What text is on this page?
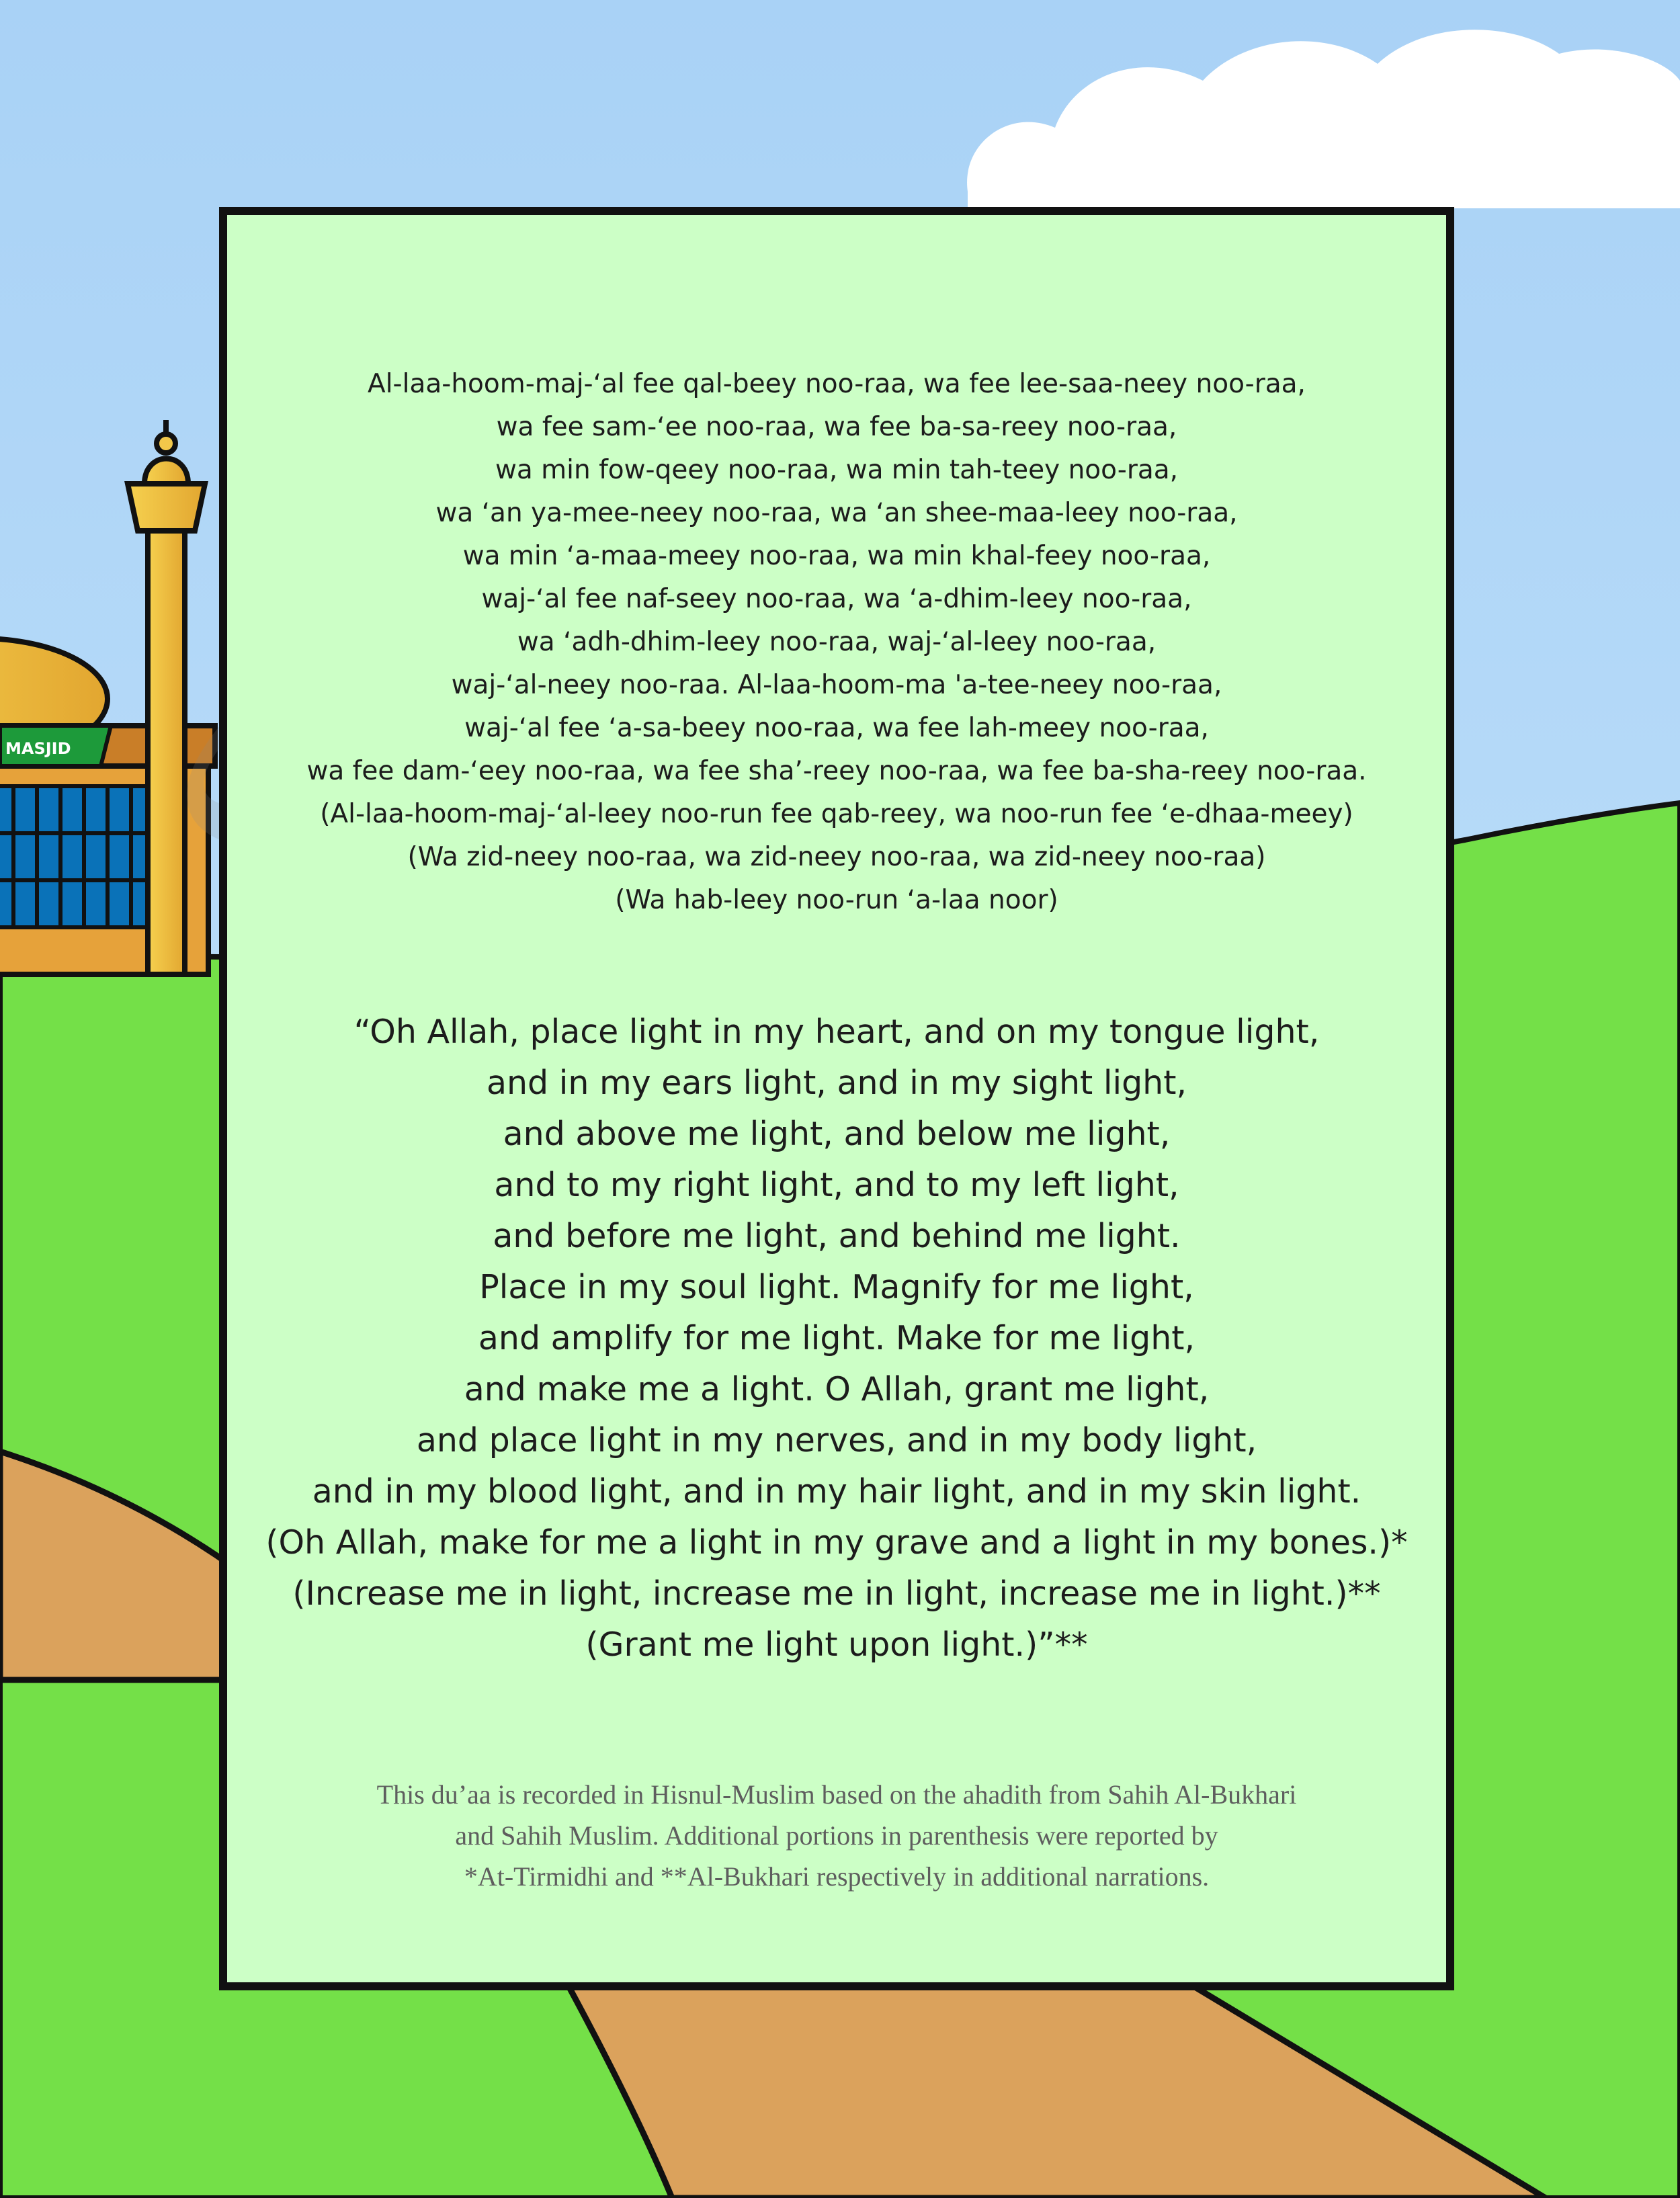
MASJID
Al-laa-hoom-maj-‘al fee qal-beey noo-raa, wa fee lee-saa-neey noo-raa,
wa fee sam-‘ee noo-raa, wa fee ba-sa-reey noo-raa,
wa min fow-qeey noo-raa, wa min tah-teey noo-raa,
wa ‘an ya-mee-neey noo-raa, wa ‘an shee-maa-leey noo-raa,
wa min ‘a-maa-meey noo-raa, wa min khal-feey noo-raa,
waj-‘al fee naf-seey noo-raa, wa ‘a-dhim-leey noo-raa,
wa ‘adh-dhim-leey noo-raa, waj-‘al-leey noo-raa,
waj-‘al-neey noo-raa. Al-laa-hoom-ma 'a-tee-neey noo-raa,
waj-‘al fee ‘a-sa-beey noo-raa, wa fee lah-meey noo-raa,
wa fee dam-‘eey noo-raa, wa fee sha’-reey noo-raa, wa fee ba-sha-reey noo-raa.
(Al-laa-hoom-maj-‘al-leey noo-run fee qab-reey, wa noo-run fee ‘e-dhaa-meey)
(Wa zid-neey noo-raa, wa zid-neey noo-raa, wa zid-neey noo-raa)
(Wa hab-leey noo-run ‘a-laa noor)
“Oh Allah, place light in my heart, and on my tongue light,
and in my ears light, and in my sight light,
and above me light, and below me light,
and to my right light, and to my left light,
and before me light, and behind me light.
Place in my soul light. Magnify for me light,
and amplify for me light. Make for me light,
and make me a light. O Allah, grant me light,
and place light in my nerves, and in my body light,
and in my blood light, and in my hair light, and in my skin light.
(Oh Allah, make for me a light in my grave and a light in my bones.)*
(Increase me in light, increase me in light, increase me in light.)**
(Grant me light upon light.)”**
This du’aa is recorded in Hisnul-Muslim based on the ahadith from Sahih Al-Bukhari
and Sahih Muslim. Additional portions in parenthesis were reported by
*At-Tirmidhi and **Al-Bukhari respectively in additional narrations.
